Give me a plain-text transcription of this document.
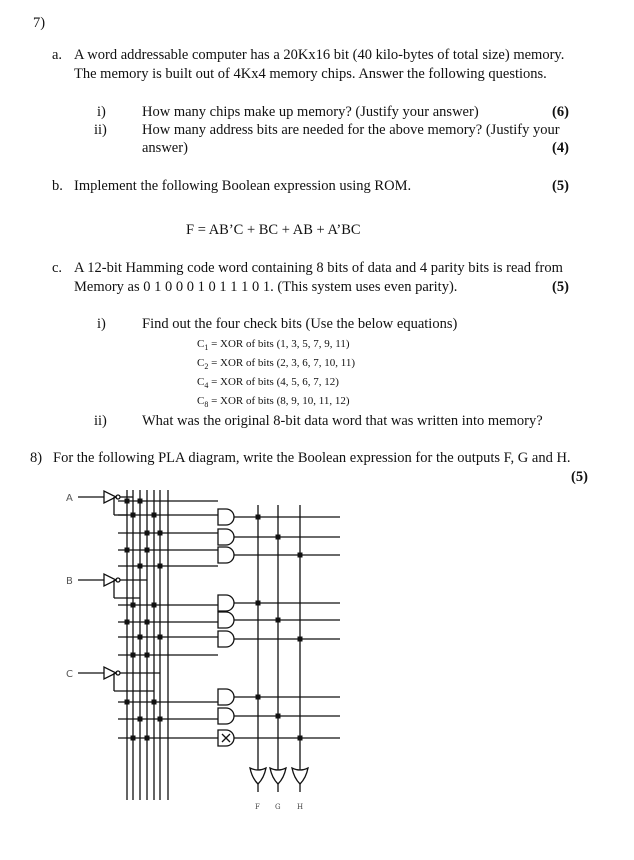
7)
a. A word addressable computer has a 20Kx16 bit (40 kilo-bytes of total size) memory.
The memory is built out of 4Kx4 memory chips. Answer the following questions.
i) How many chips make up memory? (Justify your answer)	(6)
ii) How many address bits are needed for the above memory? (Justify your
answer)	(4)
b. Implement the following Boolean expression using ROM.	(5)
F = AB’C + BC + AB + A’BC
c. A 12-bit Hamming code word containing 8 bits of data and 4 parity bits is read from
Memory as 0 1 0 0 0 1 0 1 1 1 0 1. (This system uses even parity).	(5)
i) Find out the four check bits (Use the below equations)
$C_1$ = XOR of bits (1, 3, 5, 7, 9, 11)
$C_2$ = XOR of bits (2, 3, 6, 7, 10, 11)
$C_4$ = XOR of bits (4, 5, 6, 7, 12)
$C_8$ = XOR of bits (8, 9, 10, 11, 12)
ii) What was the original 8-bit data word that was written into memory?
8) For the following PLA diagram, write the Boolean expression for the outputs F, G and H.
(5)
A
B
C
F G H
